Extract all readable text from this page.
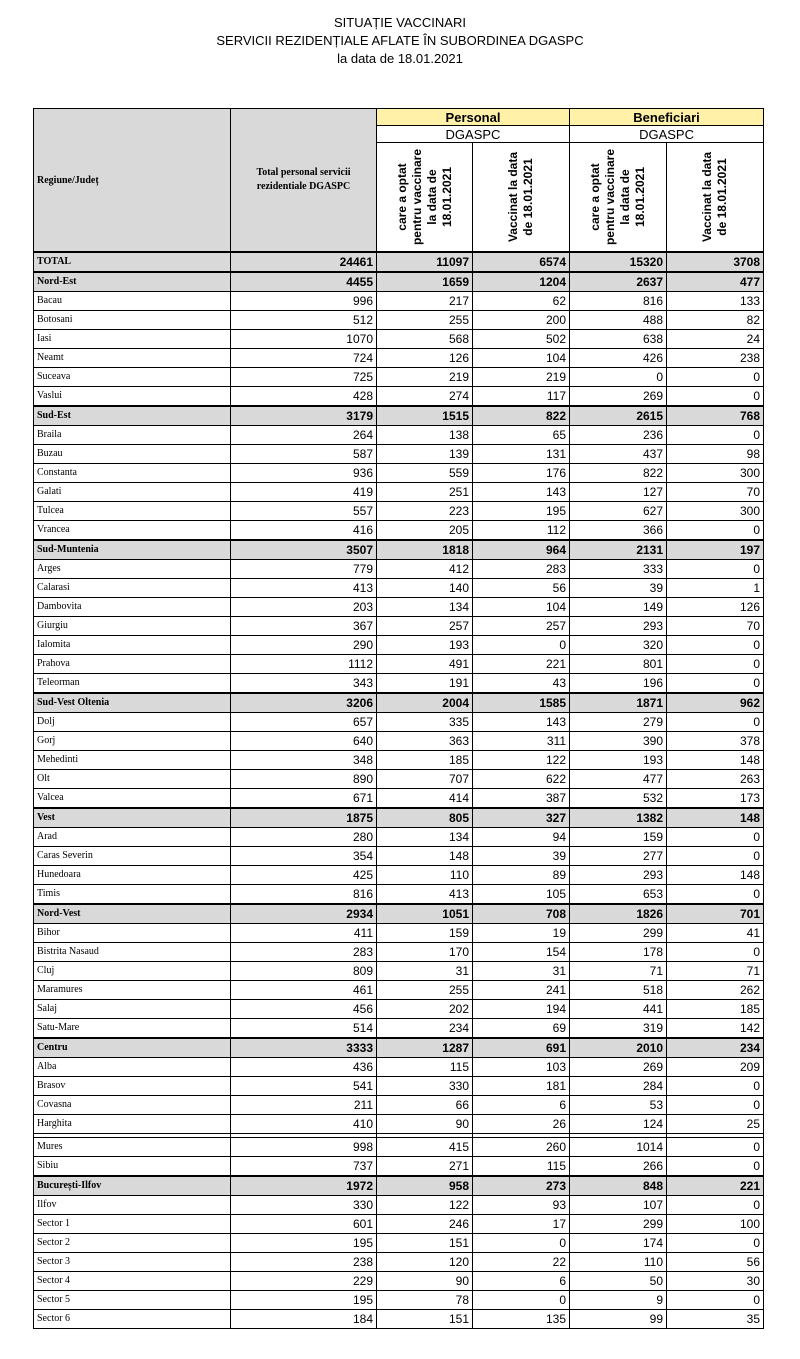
SITUAȚIE VACCINARI
SERVICII REZIDENȚIALE AFLATE ÎN SUBORDINEA DGASPC
la data de 18.01.2021
Regiune/Județ	Total personal servicii rezidentiale DGASPC	Personal		Beneficiari	
		DGASPC		DGASPC	

		care a optat pentru vaccinare la data de 18.01.2021	Vaccinat la data de 18.01.2021	care a optat pentru vaccinare la data de 18.01.2021	Vaccinat la data de 18.01.2021

TOTAL	24461	11097	6574	15320	3708
Nord-Est	4455	1659	1204	2637	477
Bacau	996	217	62	816	133
Botosani	512	255	200	488	82
Iasi	1070	568	502	638	24
Neamt	724	126	104	426	238
Suceava	725	219	219	0	0
Vaslui	428	274	117	269	0
Sud-Est	3179	1515	822	2615	768
Braila	264	138	65	236	0
Buzau	587	139	131	437	98
Constanta	936	559	176	822	300
Galati	419	251	143	127	70
Tulcea	557	223	195	627	300
Vrancea	416	205	112	366	0
Sud-Muntenia	3507	1818	964	2131	197
Arges	779	412	283	333	0
Calarasi	413	140	56	39	1
Dambovita	203	134	104	149	126
Giurgiu	367	257	257	293	70
Ialomita	290	193	0	320	0
Prahova	1112	491	221	801	0
Teleorman	343	191	43	196	0
Sud-Vest Oltenia	3206	2004	1585	1871	962
Dolj	657	335	143	279	0
Gorj	640	363	311	390	378
Mehedinti	348	185	122	193	148
Olt	890	707	622	477	263
Valcea	671	414	387	532	173
Vest	1875	805	327	1382	148
Arad	280	134	94	159	0
Caras Severin	354	148	39	277	0
Hunedoara	425	110	89	293	148
Timis	816	413	105	653	0
Nord-Vest	2934	1051	708	1826	701
Bihor	411	159	19	299	41
Bistrita Nasaud	283	170	154	178	0
Cluj	809	31	31	71	71
Maramures	461	255	241	518	262
Salaj	456	202	194	441	185
Satu-Mare	514	234	69	319	142
Centru	3333	1287	691	2010	234
Alba	436	115	103	269	209
Brasov	541	330	181	284	0
Covasna	211	66	6	53	0
Harghita	410	90	26	124	25

Mures	998	415	260	1014	0
Sibiu	737	271	115	266	0
București-Ilfov	1972	958	273	848	221
Ilfov	330	122	93	107	0
Sector 1	601	246	17	299	100
Sector 2	195	151	0	174	0
Sector 3	238	120	22	110	56
Sector 4	229	90	6	50	30
Sector 5	195	78	0	9	0
Sector 6	184	151	135	99	35
